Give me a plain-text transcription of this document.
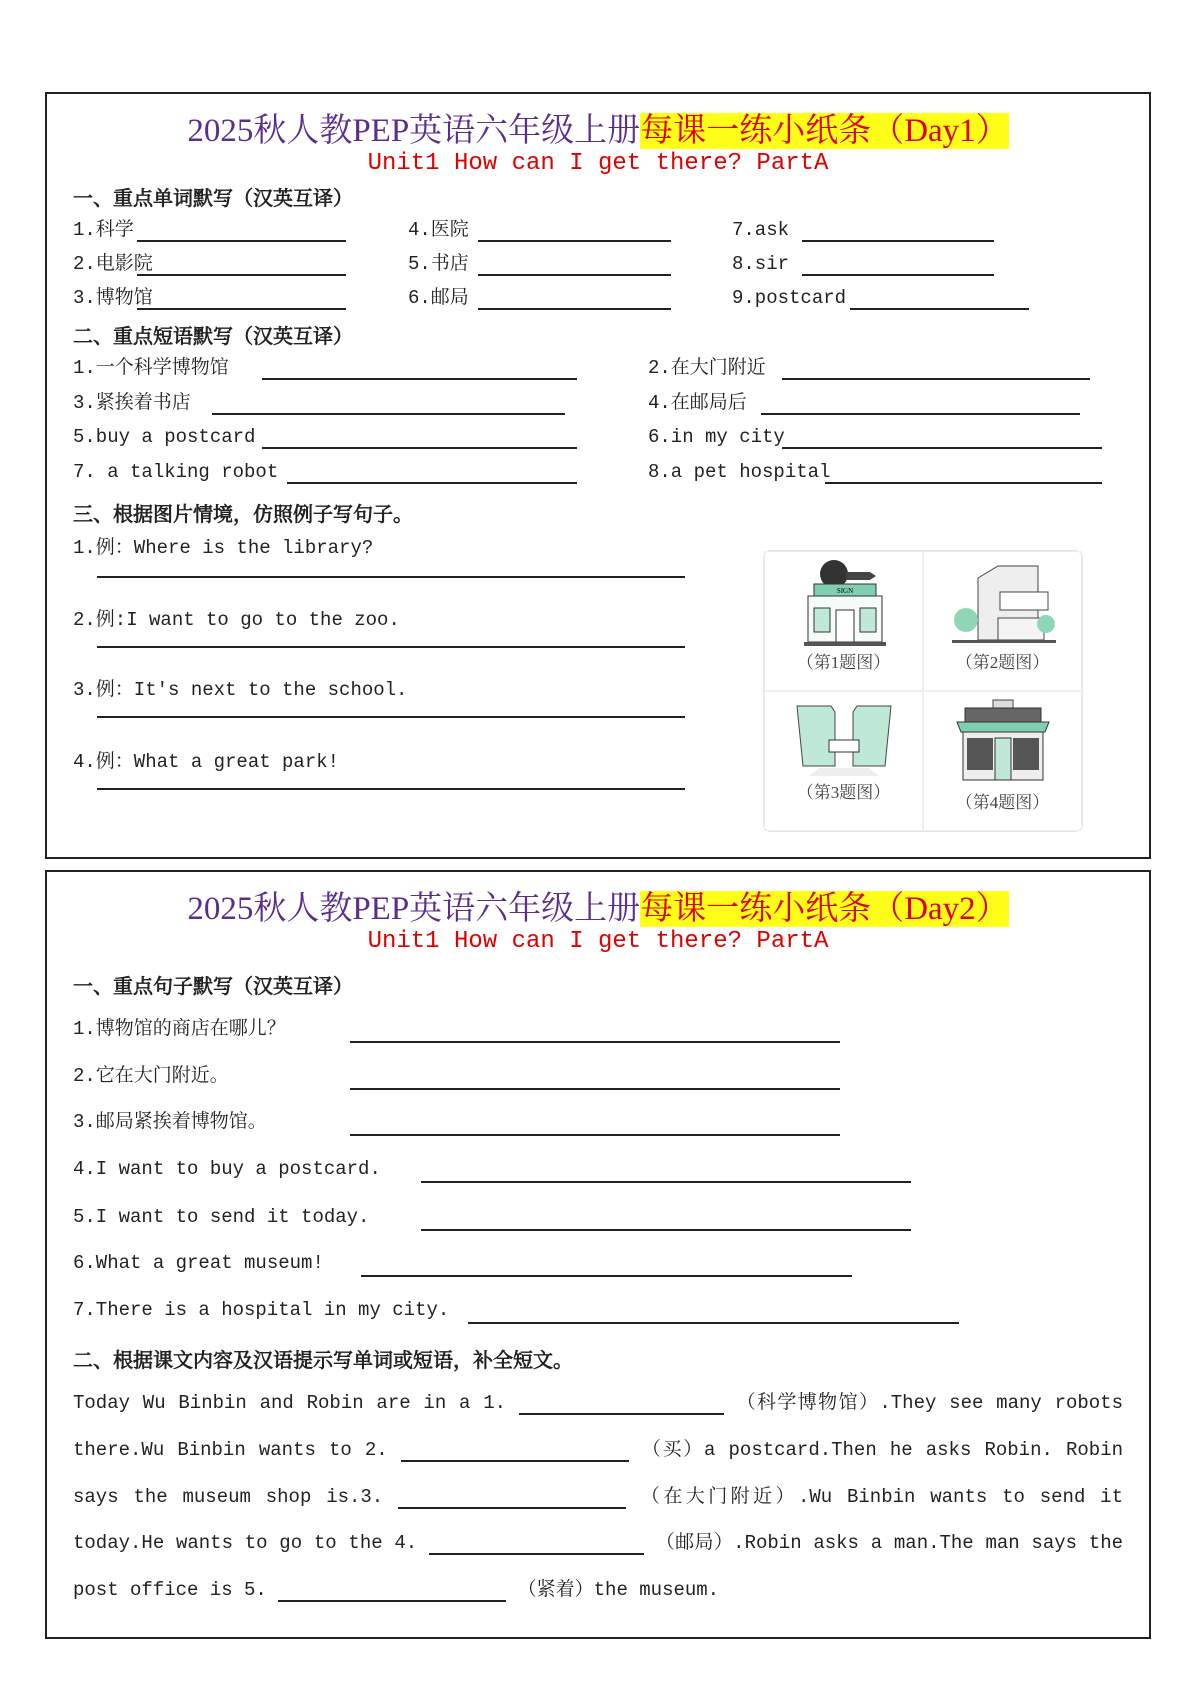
2025秋人教PEP英语六年级上册每课一练小纸条（Day1）
Unit1 How can I get there? PartA
一、重点单词默写（汉英互译）
1.科学	4.医院	7.ask
2.电影院	5.书店	8.sir
3.博物馆	6.邮局	9.postcard
二、重点短语默写（汉英互译）
1.一个科学博物馆	2.在大门附近
3.紧挨着书店	4.在邮局后
5.buy a postcard	6.in my city
7. a talking robot	8.a pet hospital
三、根据图片情境，仿照例子写句子。
1.例：Where is the library?
2.例:I want to go to the zoo.
3.例：It's next to the school.
4.例：What a great park!
SIGN
（第1题图）	（第2题图）
（第3题图）
（第4题图）
2025秋人教PEP英语六年级上册每课一练小纸条（Day2）
Unit1 How can I get there? PartA
一、重点句子默写（汉英互译）
1.博物馆的商店在哪儿？
2.它在大门附近。
3.邮局紧挨着博物馆。
4.I want to buy a postcard.
5.I want to send it today.
6.What a great museum!
7.There is a hospital in my city.
二、根据课文内容及汉语提示写单词或短语，补全短文。
Today Wu Binbin and Robin are in a 1.	（科学博物馆）.They see many robots
there.Wu Binbin wants to 2.	（买）a postcard.Then he asks Robin. Robin
says the museum shop is.3.	（在大门附近）.Wu Binbin wants to send it
today.He wants to go to the 4.	（邮局）.Robin asks a man.The man says the
post office is 5.	（紧着）the museum.
